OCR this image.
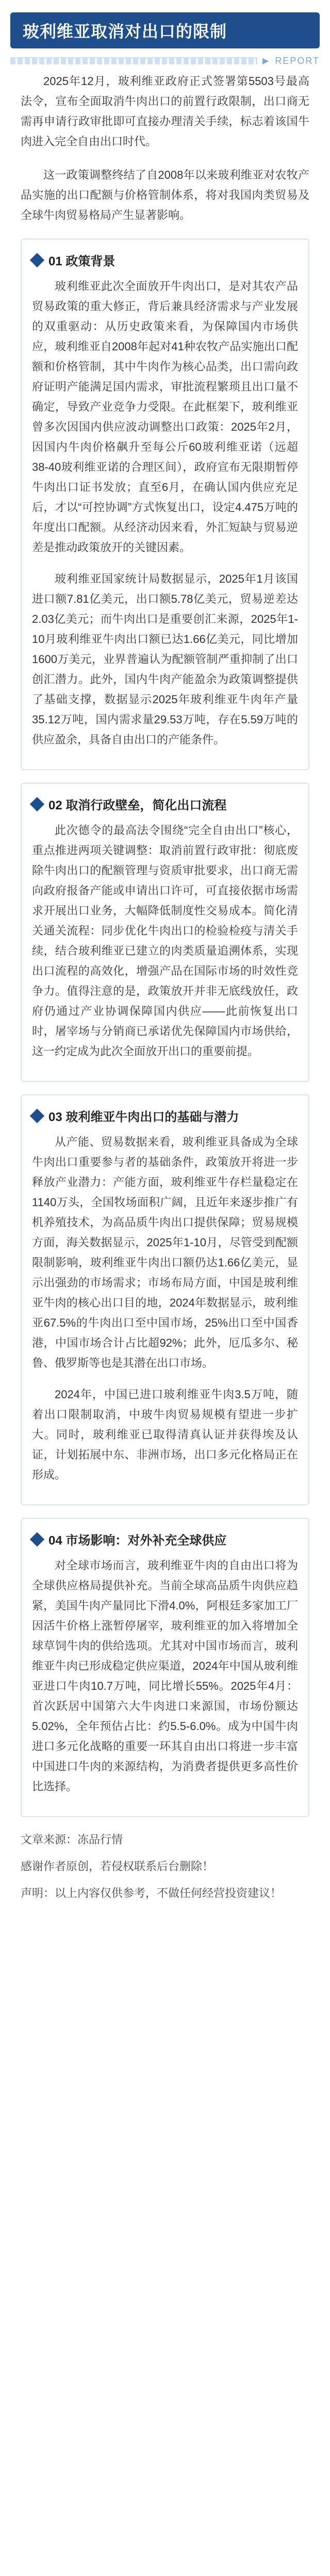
玻利维亚取消对出口的限制
▶ REPORT

2025年12月，玻利维亚政府正式签署第5503号最高法令，宣布全面取消牛肉出口的前置行政限制，出口商无需再申请行政审批即可直接办理清关手续，标志着该国牛肉进入完全自由出口时代。

这一政策调整终结了自2008年以来玻利维亚对农牧产品实施的出口配额与价格管制体系，将对我国肉类贸易及全球牛肉贸易格局产生显著影响。

01 政策背景

玻利维亚此次全面放开牛肉出口，是对其农产品贸易政策的重大修正，背后兼具经济需求与产业发展的双重驱动：从历史政策来看，为保障国内市场供应，玻利维亚自2008年起对41种农牧产品实施出口配额和价格管制，其中牛肉作为核心品类，出口需向政府证明产能满足国内需求，审批流程繁琐且出口量不确定，导致产业竞争力受限。在此框架下，玻利维亚曾多次因国内供应波动调整出口政策：2025年2月，因国内牛肉价格飙升至每公斤60玻利维亚诺（远超38-40玻利维亚诺的合理区间），政府宣布无限期暂停牛肉出口证书发放；直至6月，在确认国内供应充足后，才以“可控协调”方式恢复出口，设定4.475万吨的年度出口配额。从经济动因来看，外汇短缺与贸易逆差是推动政策放开的关键因素。

玻利维亚国家统计局数据显示，2025年1月该国进口额7.81亿美元，出口额5.78亿美元，贸易逆差达2.03亿美元；而牛肉出口是重要创汇来源，2025年1-10月玻利维亚牛肉出口额已达1.66亿美元，同比增加1600万美元，业界普遍认为配额管制严重抑制了出口创汇潜力。此外，国内牛肉产能盈余为政策调整提供了基础支撑，数据显示2025年玻利维亚牛肉年产量35.12万吨，国内需求量29.53万吨，存在5.59万吨的供应盈余，具备自由出口的产能条件。

02 取消行政壁垒，简化出口流程

此次德令的最高法令围绕“完全自由出口”核心，重点推进两项关键调整：取消前置行政审批：彻底废除牛肉出口的配额管理与资质审批要求，出口商无需向政府报备产能或申请出口许可，可直接依据市场需求开展出口业务，大幅降低制度性交易成本。简化清关通关流程：同步优化牛肉出口的检验检疫与清关手续，结合玻利维亚已建立的肉类质量追溯体系，实现出口流程的高效化，增强产品在国际市场的时效性竞争力。值得注意的是，政策放开并非无底线放任，政府仍通过产业协调保障国内供应——此前恢复出口时，屠宰场与分销商已承诺优先保障国内市场供给，这一约定成为此次全面放开出口的重要前提。

03 玻利维亚牛肉出口的基础与潜力

从产能、贸易数据来看，玻利维亚具备成为全球牛肉出口重要参与者的基础条件，政策放开将进一步释放产业潜力：产能方面，玻利维亚牛存栏量稳定在1140万头，全国牧场面积广阔，且近年来逐步推广有机养殖技术，为高品质牛肉出口提供保障；贸易规模方面，海关数据显示，2025年1-10月，尽管受到配额限制影响，玻利维亚牛肉出口额仍达1.66亿美元，显示出强劲的市场需求；市场布局方面，中国是玻利维亚牛肉的核心出口目的地，2024年数据显示，玻利维亚67.5%的牛肉出口至中国市场，25%出口至中国香港，中国市场合计占比超92%；此外，厄瓜多尔、秘鲁、俄罗斯等也是其潜在出口市场。

2024年，中国已进口玻利维亚牛肉3.5万吨，随着出口限制取消，中玻牛肉贸易规模有望进一步扩大。同时，玻利维亚已取得清真认证并获得埃及认证，计划拓展中东、非洲市场，出口多元化格局正在形成。

04 市场影响：对外补充全球供应

对全球市场而言，玻利维亚牛肉的自由出口将为全球供应格局提供补充。当前全球高品质牛肉供应趋紧，美国牛肉产量同比下滑4.0%，阿根廷多家加工厂因活牛价格上涨暂停屠宰，玻利维亚的加入将增加全球草饲牛肉的供给选项。尤其对中国市场而言，玻利维亚牛肉已形成稳定供应渠道，2024年中国从玻利维亚进口牛肉10.7万吨，同比增长55%。2025年4月：首次跃居中国第六大牛肉进口来源国，市场份额达5.02%，全年预估占比：约5.5-6.0%。成为中国牛肉进口多元化战略的重要一环其自由出口将进一步丰富中国进口牛肉的来源结构，为消费者提供更多高性价比选择。

文章来源：冻品行情
感谢作者原创，若侵权联系后台删除！
声明：以上内容仅供参考，不做任何经营投资建议！
